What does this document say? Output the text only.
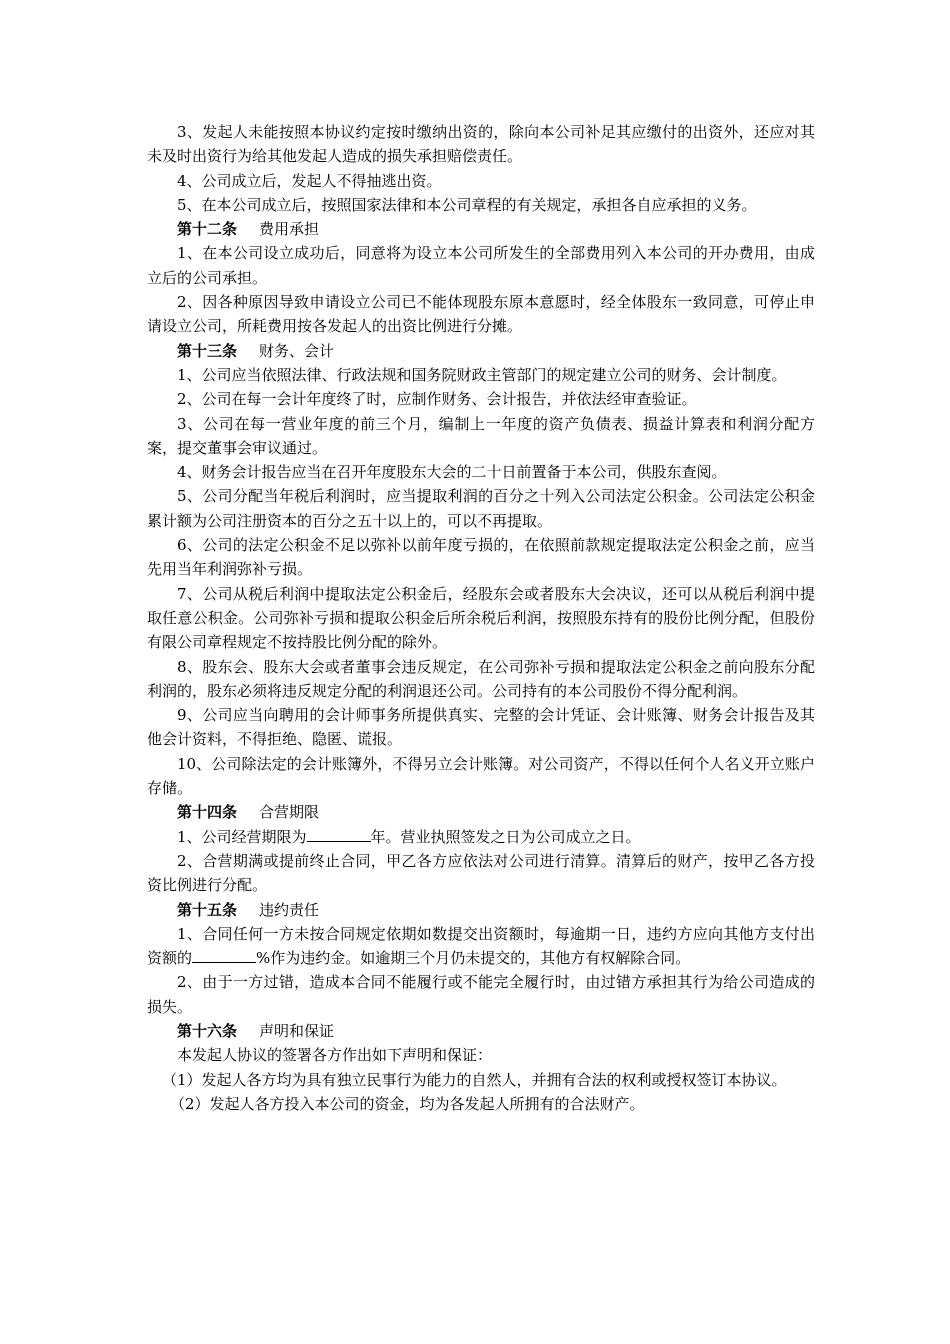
3、发起人未能按照本协议约定按时缴纳出资的，除向本公司补足其应缴付的出资外，还应对其未及时出资行为给其他发起人造成的损失承担赔偿责任。

4、公司成立后，发起人不得抽逃出资。

5、在本公司成立后，按照国家法律和本公司章程的有关规定，承担各自应承担的义务。

第十二条 费用承担

1、在本公司设立成功后，同意将为设立本公司所发生的全部费用列入本公司的开办费用，由成立后的公司承担。

2、因各种原因导致申请设立公司已不能体现股东原本意愿时，经全体股东一致同意，可停止申请设立公司，所耗费用按各发起人的出资比例进行分摊。

第十三条 财务、会计

1、公司应当依照法律、行政法规和国务院财政主管部门的规定建立公司的财务、会计制度。

2、公司在每一会计年度终了时，应制作财务、会计报告，并依法经审查验证。

3、公司在每一营业年度的前三个月，编制上一年度的资产负债表、损益计算表和利润分配方案，提交董事会审议通过。

4、财务会计报告应当在召开年度股东大会的二十日前置备于本公司，供股东查阅。

5、公司分配当年税后利润时，应当提取利润的百分之十列入公司法定公积金。公司法定公积金累计额为公司注册资本的百分之五十以上的，可以不再提取。

6、公司的法定公积金不足以弥补以前年度亏损的，在依照前款规定提取法定公积金之前，应当先用当年利润弥补亏损。

7、公司从税后利润中提取法定公积金后，经股东会或者股东大会决议，还可以从税后利润中提取任意公积金。公司弥补亏损和提取公积金后所余税后利润，按照股东持有的股份比例分配，但股份有限公司章程规定不按持股比例分配的除外。

8、股东会、股东大会或者董事会违反规定，在公司弥补亏损和提取法定公积金之前向股东分配利润的，股东必须将违反规定分配的利润退还公司。公司持有的本公司股份不得分配利润。

9、公司应当向聘用的会计师事务所提供真实、完整的会计凭证、会计账簿、财务会计报告及其他会计资料，不得拒绝、隐匿、谎报。

10、公司除法定的会计账簿外，不得另立会计账簿。对公司资产，不得以任何个人名义开立账户存储。

第十四条 合营期限

1、公司经营期限为	年。营业执照签发之日为公司成立之日。

2、合营期满或提前终止合同，甲乙各方应依法对公司进行清算。清算后的财产，按甲乙各方投资比例进行分配。

第十五条 违约责任

1、合同任何一方未按合同规定依期如数提交出资额时，每逾期一日，违约方应向其他方支付出资额的	%作为违约金。如逾期三个月仍未提交的，其他方有权解除合同。

2、由于一方过错，造成本合同不能履行或不能完全履行时，由过错方承担其行为给公司造成的损失。

第十六条 声明和保证

本发起人协议的签署各方作出如下声明和保证：

（1）发起人各方均为具有独立民事行为能力的自然人，并拥有合法的权利或授权签订本协议。

（2）发起人各方投入本公司的资金，均为各发起人所拥有的合法财产。
